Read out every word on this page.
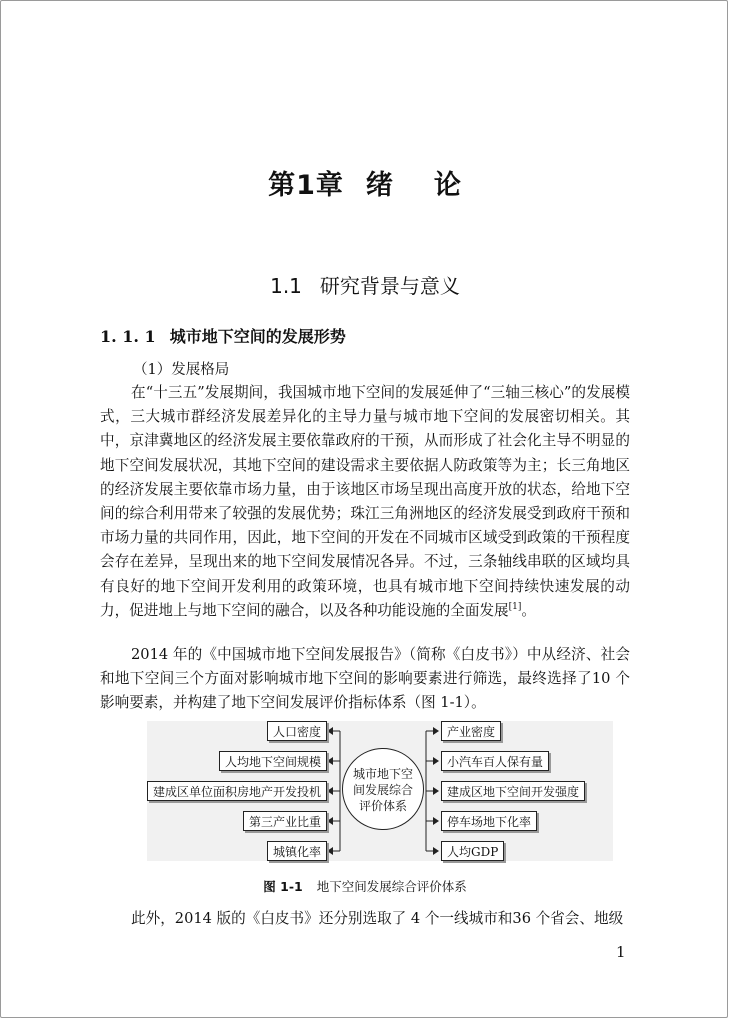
第1章 绪 论
1.1 研究背景与意义
1. 1. 1 城市地下空间的发展形势
（1）发展格局
在“十三五”发展期间，我国城市地下空间的发展延伸了“三轴三核心”的发展模式，三大城市群经济发展差异化的主导力量与城市地下空间的发展密切相关。其中，京津冀地区的经济发展主要依靠政府的干预，从而形成了社会化主导不明显的地下空间发展状况，其地下空间的建设需求主要依据人防政策等为主；长三角地区的经济发展主要依靠市场力量，由于该地区市场呈现出高度开放的状态，给地下空间的综合利用带来了较强的发展优势；珠江三角洲地区的经济发展受到政府干预和市场力量的共同作用，因此，地下空间的开发在不同城市区域受到政策的干预程度会存在差异，呈现出来的地下空间发展情况各异。不过，三条轴线串联的区域均具有良好的地下空间开发利用的政策环境，也具有城市地下空间持续快速发展的动力，促进地上与地下空间的融合，以及各种功能设施的全面发展[1]。
2014 年的《中国城市地下空间发展报告》（简称《白皮书》）中从经济、社会和地下空间三个方面对影响城市地下空间的影响要素进行筛选，最终选择了10 个影响要素，并构建了地下空间发展评价指标体系（图 1-1）。
人口密度
人均地下空间规模
建成区单位面积房地产开发投机
第三产业比重
城镇化率
城市地下空
间发展综合
评价体系
产业密度
小汽车百人保有量
建成区地下空间开发强度
停车场地下化率
人均GDP
图 1-1 地下空间发展综合评价体系
此外，2014 版的《白皮书》还分别选取了 4 个一线城市和36 个省会、地级
1
